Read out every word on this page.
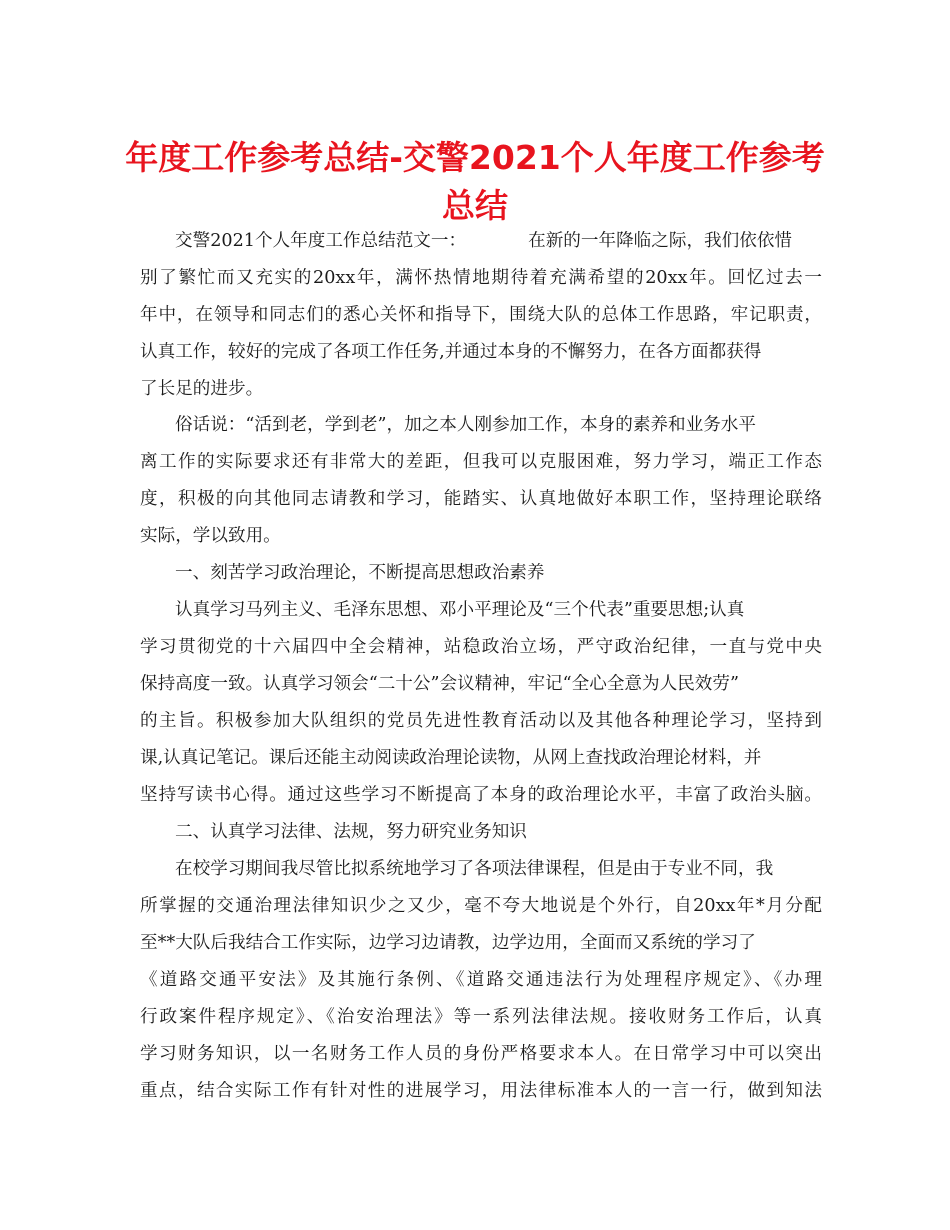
年度工作参考总结-交警2021个人年度工作参考
总结
交警2021个人年度工作总结范文一：	在新的一年降临之际，我们依依惜
别了繁忙而又充实的20xx年，满怀热情地期待着充满希望的20xx年。回忆过去一
年中，在领导和同志们的悉心关怀和指导下，围绕大队的总体工作思路，牢记职责，
认真工作，较好的完成了各项工作任务,并通过本身的不懈努力，在各方面都获得
了长足的进步。
俗话说：“活到老，学到老”，加之本人刚参加工作，本身的素养和业务水平
离工作的实际要求还有非常大的差距，但我可以克服困难，努力学习，端正工作态
度，积极的向其他同志请教和学习，能踏实、认真地做好本职工作，坚持理论联络
实际，学以致用。
一、刻苦学习政治理论，不断提高思想政治素养
认真学习马列主义、毛泽东思想、邓小平理论及“三个代表”重要思想;认真
学习贯彻党的十六届四中全会精神，站稳政治立场，严守政治纪律，一直与党中央
保持高度一致。认真学习领会“二十公”会议精神，牢记“全心全意为人民效劳”
的主旨。积极参加大队组织的党员先进性教育活动以及其他各种理论学习，坚持到
课,认真记笔记。课后还能主动阅读政治理论读物，从网上查找政治理论材料，并
坚持写读书心得。通过这些学习不断提高了本身的政治理论水平，丰富了政治头脑。
二、认真学习法律、法规，努力研究业务知识
在校学习期间我尽管比拟系统地学习了各项法律课程，但是由于专业不同，我
所掌握的交通治理法律知识少之又少，毫不夸大地说是个外行，自20xx年*月分配
至**大队后我结合工作实际，边学习边请教，边学边用，全面而又系统的学习了
《道路交通平安法》及其施行条例、《道路交通违法行为处理程序规定》、《办理
行政案件程序规定》、《治安治理法》等一系列法律法规。接收财务工作后，认真
学习财务知识，以一名财务工作人员的身份严格要求本人。在日常学习中可以突出
重点，结合实际工作有针对性的进展学习，用法律标准本人的一言一行，做到知法
